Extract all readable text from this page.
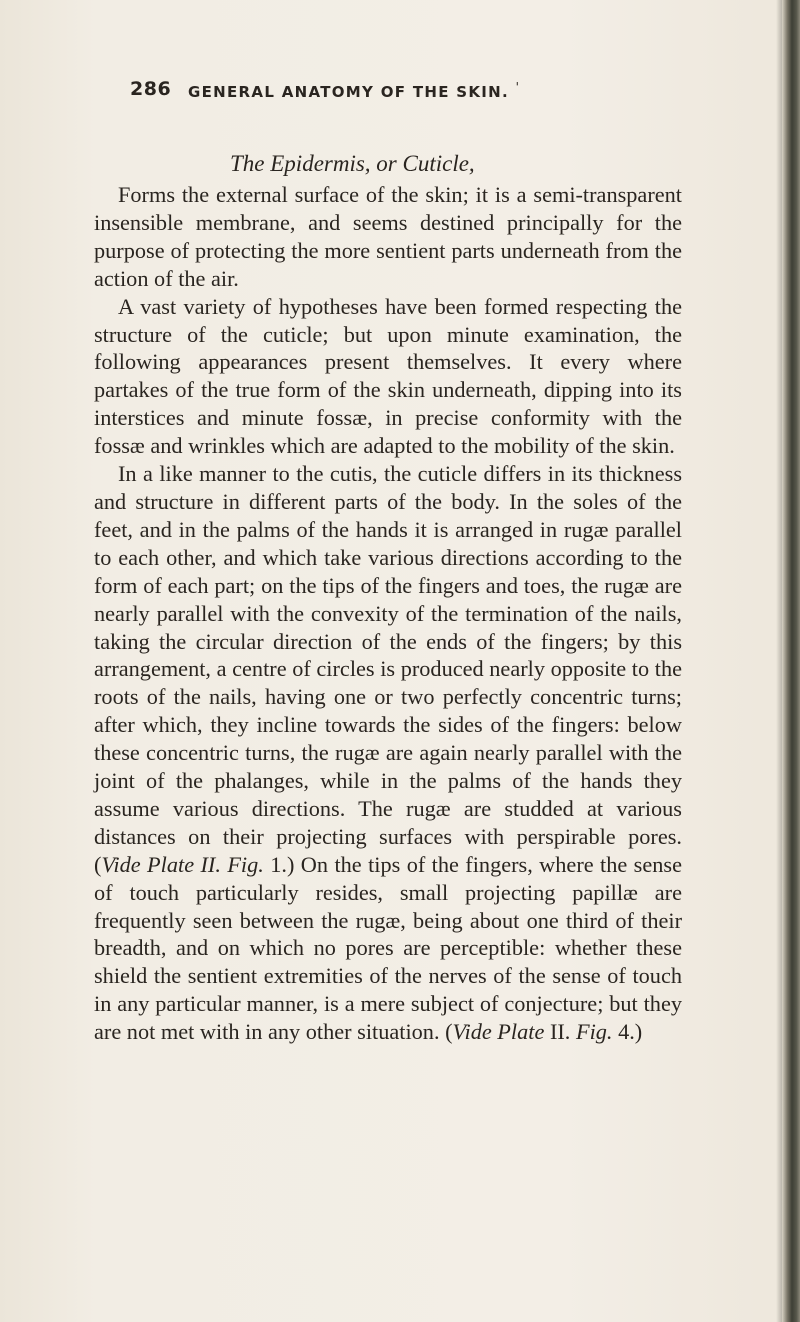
286 GENERAL ANATOMY OF THE SKIN. '
The Epidermis, or Cuticle,

Forms the external surface of the skin; it is a semi-transparent insensible membrane, and seems destined principally for the purpose of protecting the more sentient parts underneath from the action of the air.

A vast variety of hypotheses have been formed respecting the structure of the cuticle; but upon minute examination, the following appearances present themselves. It every where partakes of the true form of the skin underneath, dipping into its interstices and minute fossæ, in precise conformity with the fossæ and wrinkles which are adapted to the mobility of the skin.

In a like manner to the cutis, the cuticle differs in its thickness and structure in different parts of the body. In the soles of the feet, and in the palms of the hands it is arranged in rugæ parallel to each other, and which take various directions according to the form of each part; on the tips of the fingers and toes, the rugæ are nearly parallel with the convexity of the termination of the nails, taking the circular direction of the ends of the fingers; by this arrangement, a centre of circles is produced nearly opposite to the roots of the nails, having one or two perfectly concentric turns; after which, they incline towards the sides of the fingers: below these concentric turns, the rugæ are again nearly parallel with the joint of the phalanges, while in the palms of the hands they assume various directions. The rugæ are studded at various distances on their projecting surfaces with perspirable pores. (Vide Plate II. Fig. 1.) On the tips of the fingers, where the sense of touch particularly resides, small projecting papillæ are frequently seen between the rugæ, being about one third of their breadth, and on which no pores are perceptible: whether these shield the sentient extremities of the nerves of the sense of touch in any particular manner, is a mere subject of conjecture; but they are not met with in any other situation. (Vide Plate II. Fig. 4.)
